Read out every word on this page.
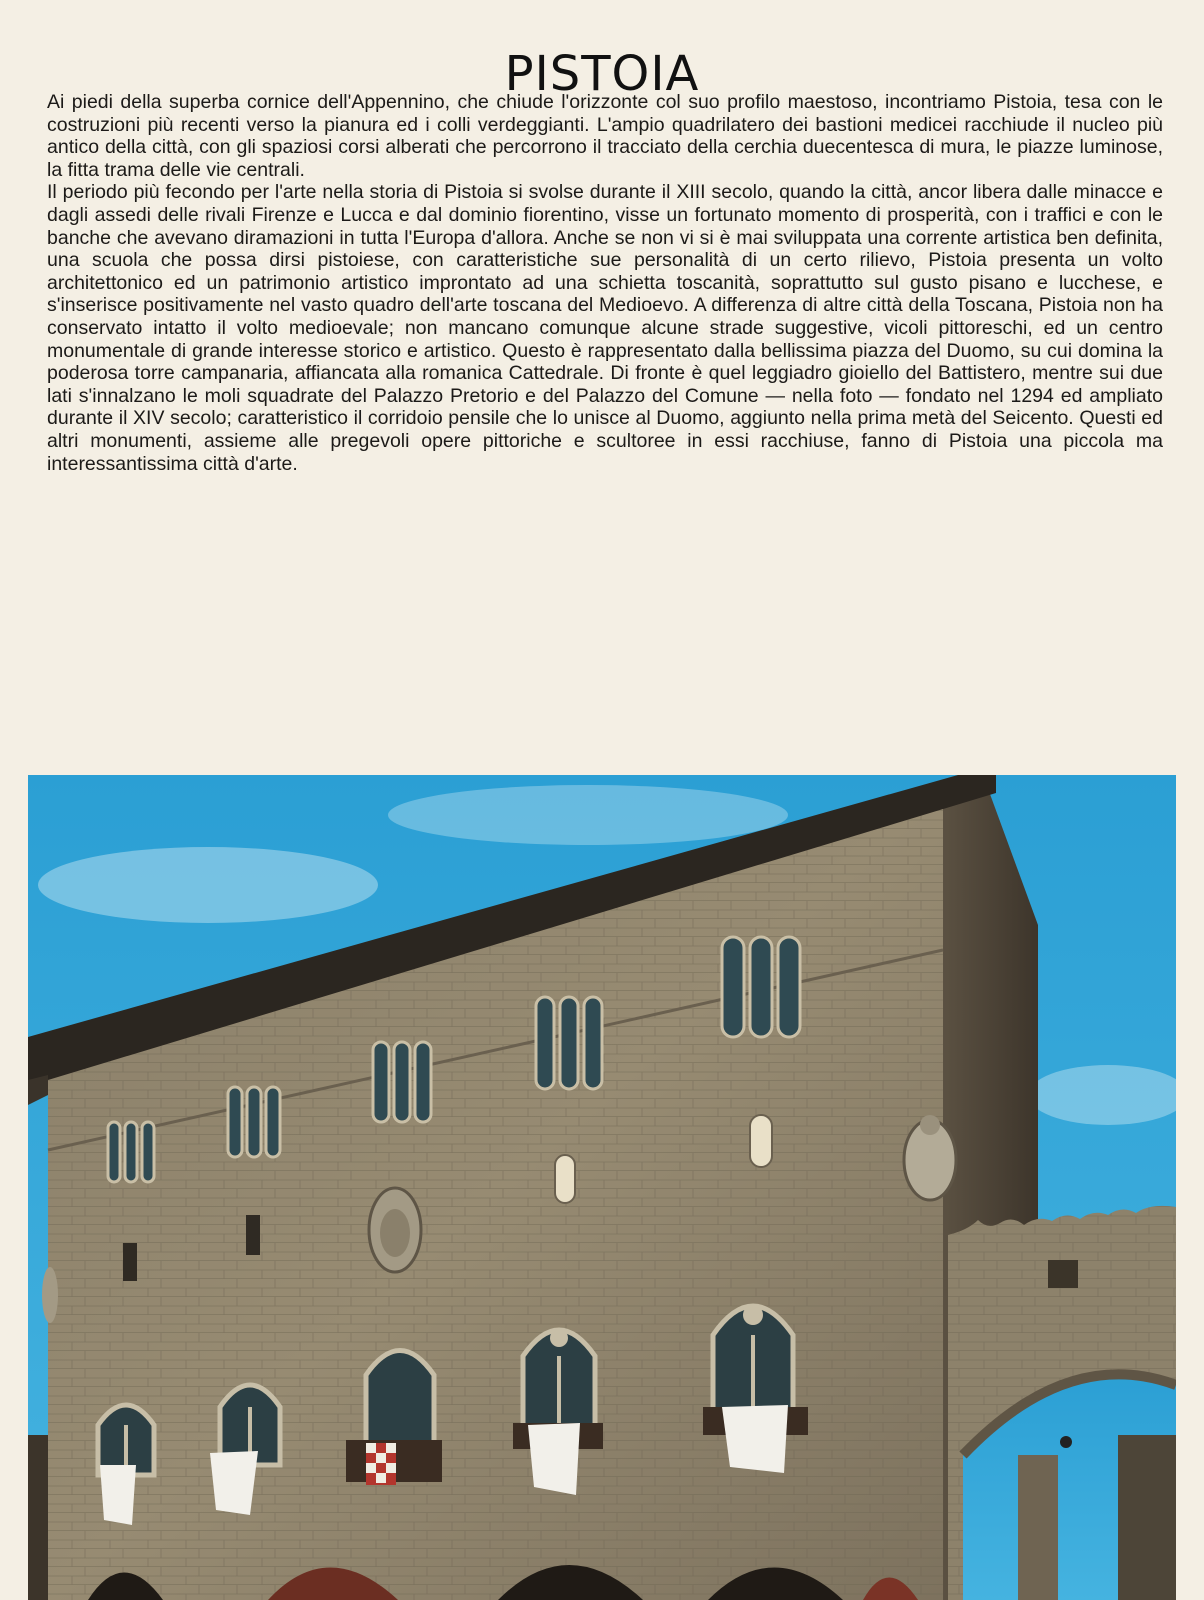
PISTOIA

Ai piedi della superba cornice dell'Appennino, che chiude l'orizzonte col suo profilo maestoso, incontriamo Pistoia, tesa con le costruzioni più recenti verso la pianura ed i colli verdeggianti. L'ampio quadrilatero dei bastioni medicei racchiude il nucleo più antico della città, con gli spaziosi corsi alberati che percorrono il tracciato della cerchia duecentesca di mura, le piazze luminose, la fitta trama delle vie centrali.

Il periodo più fecondo per l'arte nella storia di Pistoia si svolse durante il XIII secolo, quando la città, ancor libera dalle minacce e dagli assedi delle rivali Firenze e Lucca e dal dominio fiorentino, visse un fortunato momento di prosperità, con i traffici e con le banche che avevano diramazioni in tutta l'Europa d'allora. Anche se non vi si è mai sviluppata una corrente artistica ben definita, una scuola che possa dirsi pistoiese, con caratteristiche sue personalità di un certo rilievo, Pistoia presenta un volto architettonico ed un patrimonio artistico improntato ad una schietta toscanità, soprattutto sul gusto pisano e lucchese, e s'inserisce positivamente nel vasto quadro dell'arte toscana del Medioevo. A differenza di altre città della Toscana, Pistoia non ha conservato intatto il volto medioevale; non mancano comunque alcune strade suggestive, vicoli pittoreschi, ed un centro monumentale di grande interesse storico e artistico. Questo è rappresentato dalla bellissima piazza del Duomo, su cui domina la poderosa torre campanaria, affiancata alla romanica Cattedrale. Di fronte è quel leggiadro gioiello del Battistero, mentre sui due lati s'innalzano le moli squadrate del Palazzo Pretorio e del Palazzo del Comune — nella foto — fondato nel 1294 ed ampliato durante il XIV secolo; caratteristico il corridoio pensile che lo unisce al Duomo, aggiunto nella prima metà del Seicento. Questi ed altri monumenti, assieme alle pregevoli opere pittoriche e scultoree in essi racchiuse, fanno di Pistoia una piccola ma interessantissima città d'arte.
